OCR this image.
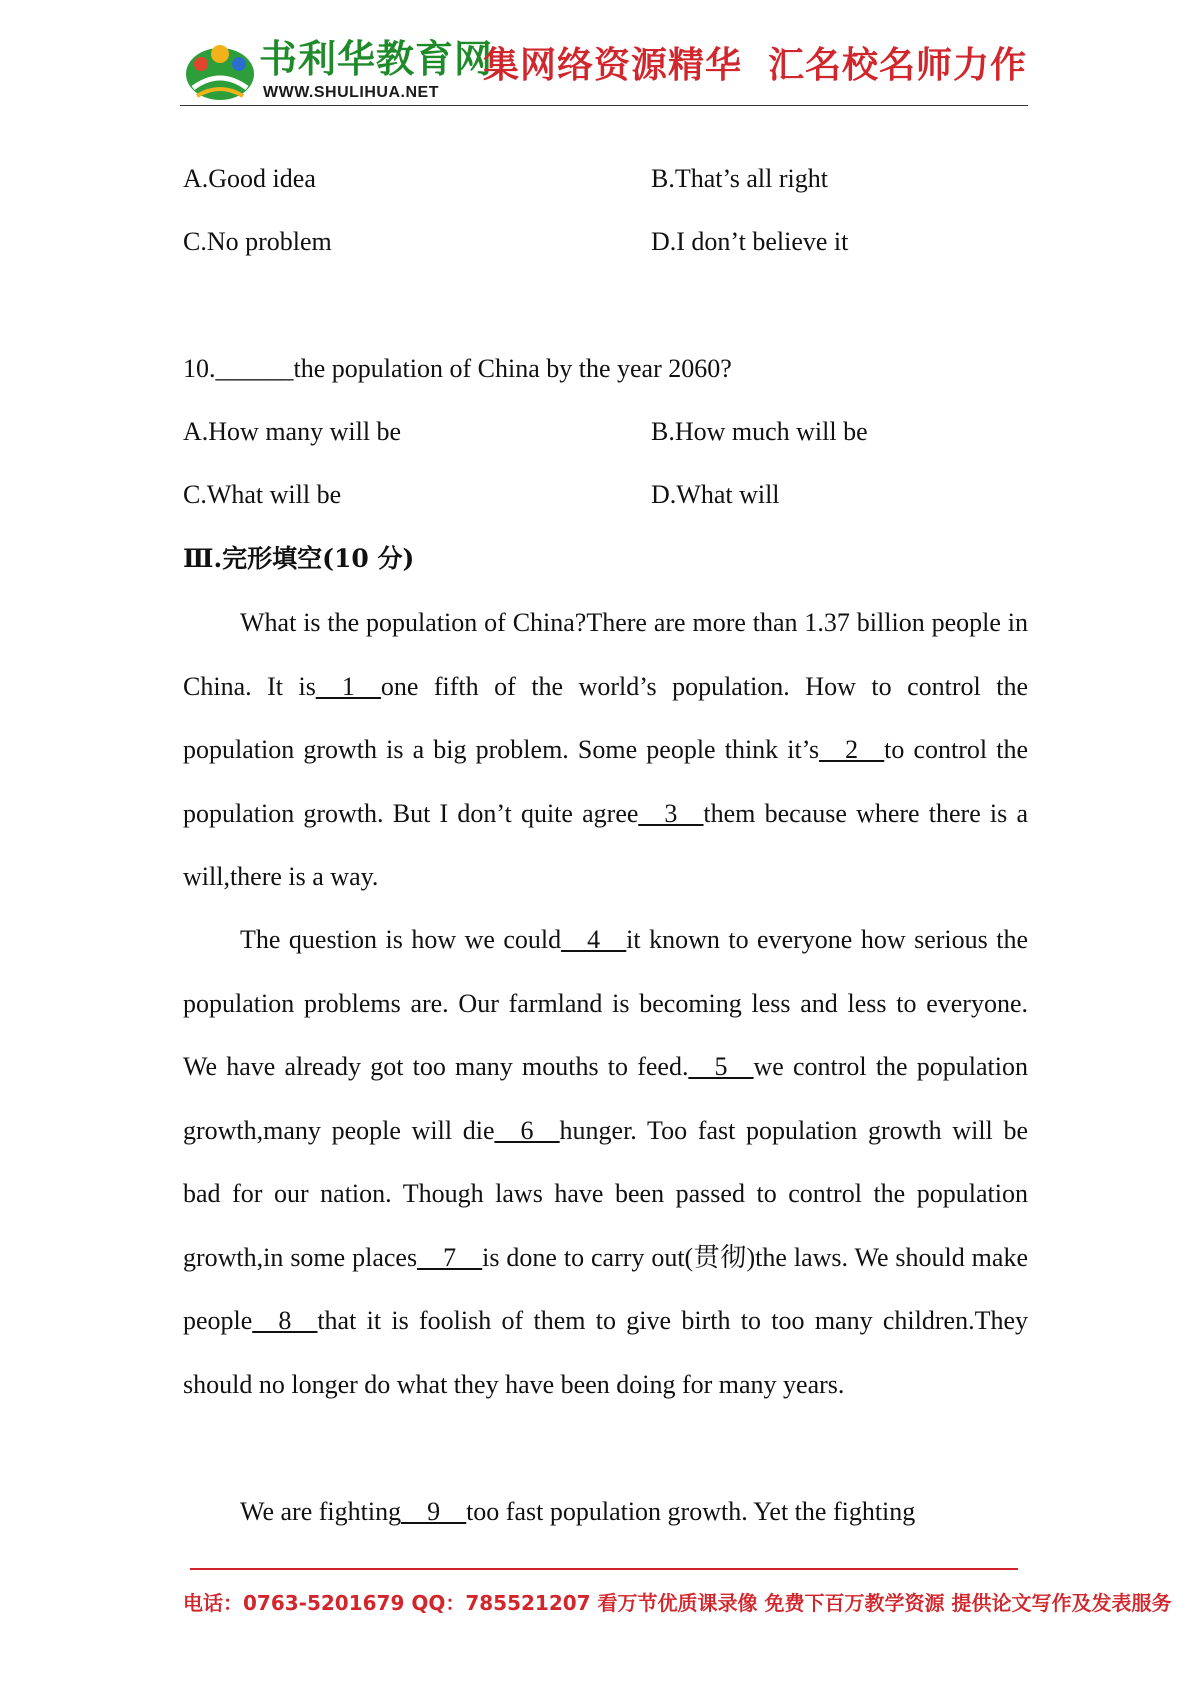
书利华教育网
WWW.SHULIHUA.NET
集网络资源精华 汇名校名师力作
A.Good idea	B.That’s all right
C.No problem	D.I don’t believe it
10.______the population of China by the year 2060?
A.How many will be	B.How much will be
C.What will be	D.What will
Ⅲ.完形填空(10 分)
What is the population of China?There are more than 1.37 billion people in China. It is__1__one fifth of the world’s population. How to control the population growth is a big problem. Some people think it’s__2__to control the population growth. But I don’t quite agree__3__them because where there is a will,there is a way.
The question is how we could__4__it known to everyone how serious the population problems are. Our farmland is becoming less and less to everyone. We have already got too many mouths to feed.__5__we control the population growth,many people will die__6__hunger. Too fast population growth will be bad for our nation. Though laws have been passed to control the population growth,in some places__7__is done to carry out(贯彻)the laws. We should make people__8__that it is foolish of them to give birth to too many children.They should no longer do what they have been doing for many years.
We are fighting__9__too fast population growth. Yet the fighting
电话：0763-5201679 QQ：785521207 看万节优质课录像 免费下百万教学资源 提供论文写作及发表服务
